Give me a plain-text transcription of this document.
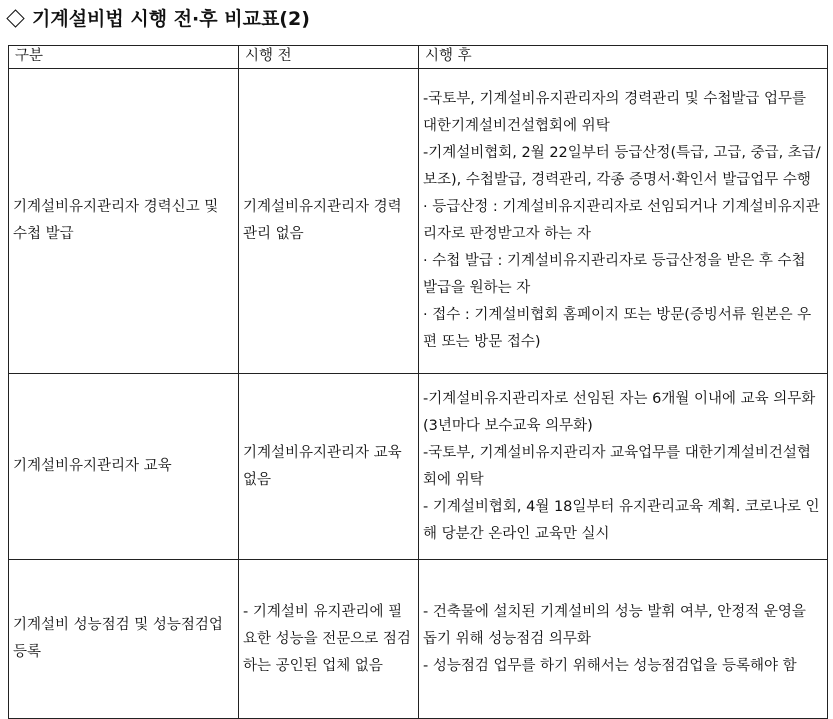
기계설비법 시행 전·후 비교표(2)
구분	시행 전	시행 후
기계설비유지관리자 경력신고 및 수첩 발급	기계설비유지관리자 경력관리 없음	-국토부, 기계설비유지관리자의 경력관리 및 수첩발급 업무를 대한기계설비건설협회에 위탁

-기계설비협회, 2월 22일부터 등급산정(특급, 고급, 중급, 초급/보조), 수첩발급, 경력관리, 각종 증명서·확인서 발급업무 수행

· 등급산정 : 기계설비유지관리자로 선임되거나 기계설비유지관리자로 판정받고자 하는 자

· 수첩 발급 : 기계설비유지관리자로 등급산정을 받은 후 수첩 발급을 원하는 자

· 접수 : 기계설비협회 홈페이지 또는 방문(증빙서류 원본은 우편 또는 방문 접수)

기계설비유지관리자 교육	기계설비유지관리자 교육 없음	-기계설비유지관리자로 선임된 자는 6개월 이내에 교육 의무화(3년마다 보수교육 의무화)

-국토부, 기계설비유지관리자 교육업무를 대한기계설비건설협회에 위탁

- 기계설비협회, 4월 18일부터 유지관리교육 계획. 코로나로 인해 당분간 온라인 교육만 실시

기계설비 성능점검 및 성능점검업 등록	- 기계설비 유지관리에 필요한 성능을 전문으로 점검하는 공인된 업체 없음	- 건축물에 설치된 기계설비의 성능 발휘 여부, 안정적 운영을 돕기 위해 성능점검 의무화

- 성능점검 업무를 하기 위해서는 성능점검업을 등록해야 함
